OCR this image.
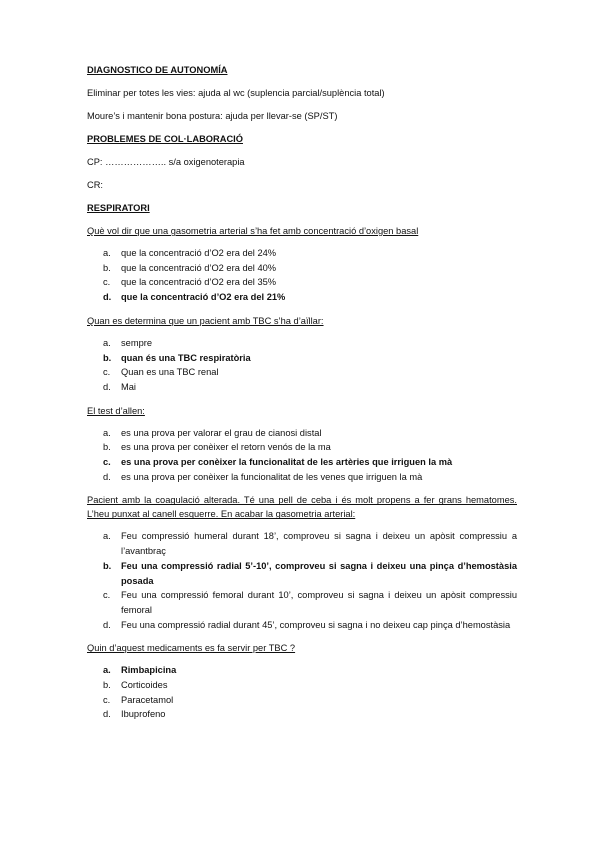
DIAGNOSTICO DE AUTONOMÍA

Eliminar per totes les vies: ajuda al wc (suplencia parcial/suplència total)

Moure’s i mantenir bona postura: ajuda per llevar-se (SP/ST)

PROBLEMES DE COL·LABORACIÓ

CP: ……………….. s/a oxigenoterapia

CR:

RESPIRATORI

Què vol dir que una gasometria arterial s’ha fet amb concentració d’oxigen basal

a.	que la concentració d’O2 era del 24%
b.	que la concentració d’O2 era del 40%
c.	que la concentració d’O2 era del 35%
d.	que la concentració d’O2 era del 21%

Quan es determina que un pacient amb TBC s’ha d’aïllar:

a.	sempre
b.	quan és una TBC respiratòria
c.	Quan es una TBC renal
d.	Mai

El test d’allen:

a.	es una prova per valorar el grau de cianosi distal
b.	es una prova per conèixer el retorn venós de la ma
c.	es una prova per conèixer la funcionalitat de les artèries que irriguen la mà
d.	es una prova per conèixer la funcionalitat de les venes que irriguen la mà

Pacient amb la coagulació alterada. Té una pell de ceba i és molt propens a fer grans hematomes. L’heu punxat al canell esquerre. En acabar la gasometria arterial:

a.	Feu compressió humeral durant 18’, comproveu si sagna i deixeu un apòsit compressiu a l’avantbraç
b.	Feu una compressió radial 5’-10’, comproveu si sagna i deixeu una pinça d’hemostàsia posada
c.	Feu una compressió femoral durant 10’, comproveu si sagna i deixeu un apòsit compressiu femoral
d.	Feu una compressió radial durant 45’, comproveu si sagna i no deixeu cap pinça d’hemostàsia

Quin d’aquest medicaments es fa servir per TBC ?

a.	Rimbapicina
b.	Corticoides
c.	Paracetamol
d.	Ibuprofeno
